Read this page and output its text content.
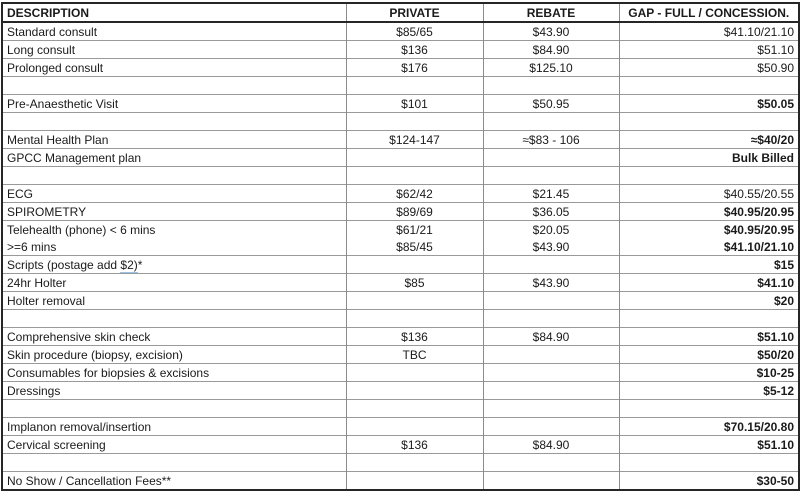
DESCRIPTION	PRIVATE	REBATE	GAP - FULL / CONCESSION.
Standard consult	$85/65	$43.90	$41.10/21.10
Long consult	$136	$84.90	$51.10
Prolonged consult	$176	$125.10	$50.90

Pre-Anaesthetic Visit	$101	$50.95	$50.05

Mental Health Plan	$124-147	≈$83 - 106	≈$40/20
GPCC Management plan			Bulk Billed

ECG	$62/42	$21.45	$40.55/20.55
SPIROMETRY	$89/69	$36.05	$40.95/20.95
Telehealth (phone) < 6 mins	$61/21	$20.05	$40.95/20.95
>=6 mins	$85/45	$43.90	$41.10/21.10
Scripts (postage add $2)*			$15
24hr Holter	$85	$43.90	$41.10
Holter removal			$20

Comprehensive skin check	$136	$84.90	$51.10
Skin procedure (biopsy, excision)	TBC		$50/20
Consumables for biopsies & excisions			$10-25
Dressings			$5-12

Implanon removal/insertion			$70.15/20.80
Cervical screening	$136	$84.90	$51.10

No Show / Cancellation Fees**			$30-50
